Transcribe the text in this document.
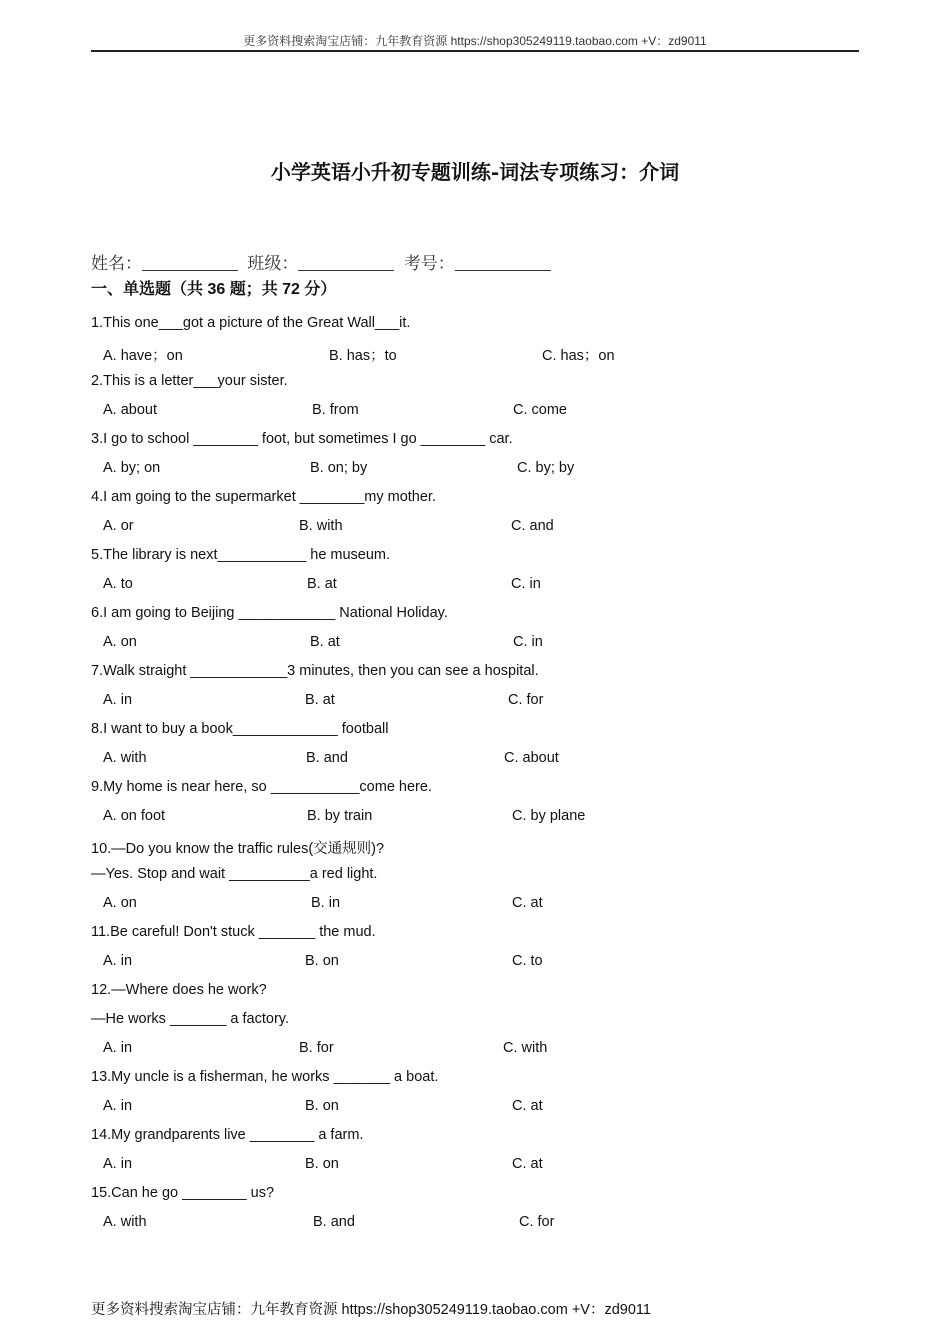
更多资料搜索淘宝店铺：九年教育资源 https://shop305249119.taobao.com +V：zd9011
小学英语小升初专题训练-词法专项练习：介词
姓名：	班级：	考号：
一、单选题（共 36 题；共 72 分）
1.This one___got a picture of the Great Wall___it.
A. have；on	B. has；to	C. has；on
2.This is a letter___your sister.
A. about	B. from	C. come
3.I go to school ________ foot, but sometimes I go ________ car.
A. by; on	B. on; by	C. by; by
4.I am going to the supermarket ________my mother.
A. or	B. with	C. and
5.The library is next___________ he museum.
A. to	B. at	C. in
6.I am going to Beijing ____________ National Holiday.
A. on	B. at	C. in
7.Walk straight ____________3 minutes, then you can see a hospital.
A. in	B. at	C. for
8.I want to buy a book_____________ football
A. with	B. and	C. about
9.My home is near here, so ___________come here.
A. on foot	B. by train	C. by plane
10.—Do you know the traffic rules(交通规则)?
—Yes. Stop and wait __________a red light.
A. on	B. in	C. at
11.Be careful! Don't stuck _______ the mud.
A. in	B. on	C. to
12.—Where does he work?
—He works _______ a factory.
A. in	B. for	C. with
13.My uncle is a fisherman, he works _______ a boat.
A. in	B. on	C. at
14.My grandparents live ________ a farm.
A. in	B. on	C. at
15.Can he go ________ us?
A. with	B. and	C. for
更多资料搜索淘宝店铺：九年教育资源 https://shop305249119.taobao.com +V：zd9011
